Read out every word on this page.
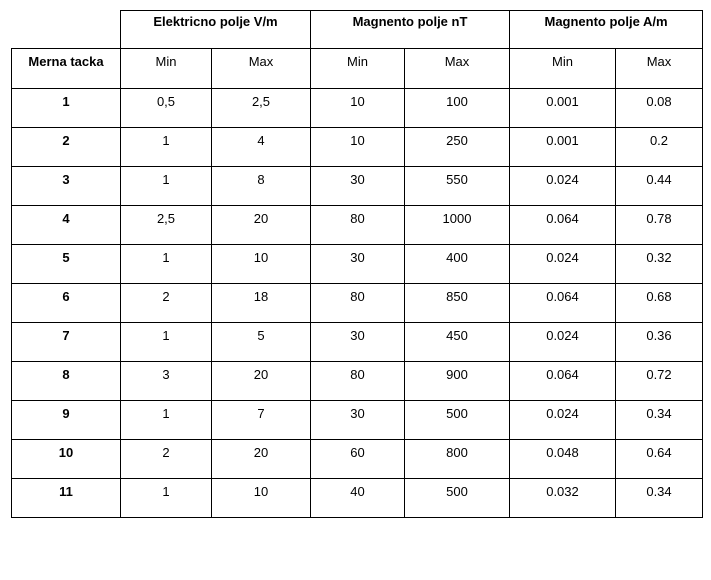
	Elektricno polje V/m		Magnento polje nT		Magnento polje A/m	
Merna tacka	Min	Max	Min	Max	Min	Max
1	0,5	2,5	10	100	0.001	0.08
2	1	4	10	250	0.001	0.2
3	1	8	30	550	0.024	0.44
4	2,5	20	80	1000	0.064	0.78
5	1	10	30	400	0.024	0.32
6	2	18	80	850	0.064	0.68
7	1	5	30	450	0.024	0.36
8	3	20	80	900	0.064	0.72
9	1	7	30	500	0.024	0.34
10	2	20	60	800	0.048	0.64
11	1	10	40	500	0.032	0.34
